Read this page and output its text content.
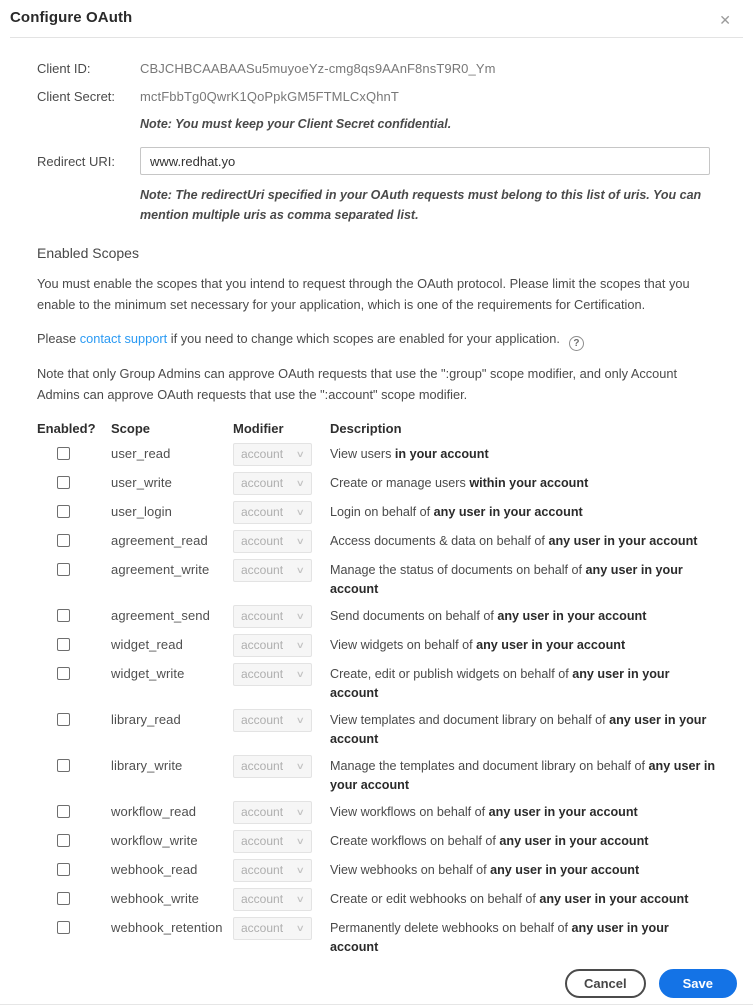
Configure OAuth	✕
Client ID:	CBJCHBCAABAASu5muyoeYz-cmg8qs9AAnF8nsT9R0_Ym
Client Secret:	mctFbbTg0QwrK1QoPpkGM5FTMLCxQhnT
Note: You must keep your Client Secret confidential.
Redirect URI:
www.redhat.yo
Note: The redirectUri specified in your OAuth requests must belong to this list of uris. You can mention multiple uris as comma separated list.
Enabled Scopes

You must enable the scopes that you intend to request through the OAuth protocol. Please limit the scopes that you enable to the minimum set necessary for your application, which is one of the requirements for Certification.

Please contact support if you need to change which scopes are enabled for your application. ?

Note that only Group Admins can approve OAuth requests that use the ":group" scope modifier, and only Account Admins can approve OAuth requests that use the ":account" scope modifier.

Enabled?	Scope	Modifier	Description
user_read	account ∨ View users in your account
user_write	account ∨ Create or manage users within your account
user_login	account ∨ Login on behalf of any user in your account
agreement_read	account ∨ Access documents & data on behalf of any user in your account
agreement_write	account ∨ Manage the status of documents on behalf of any user in your account
agreement_send	account ∨ Send documents on behalf of any user in your account
widget_read	account ∨ View widgets on behalf of any user in your account
widget_write	account ∨ Create, edit or publish widgets on behalf of any user in your account
library_read	account ∨ View templates and document library on behalf of any user in your account
library_write	account ∨ Manage the templates and document library on behalf of any user in your account
workflow_read	account ∨ View workflows on behalf of any user in your account
workflow_write	account ∨ Create workflows on behalf of any user in your account
webhook_read	account ∨ View webhooks on behalf of any user in your account
webhook_write	account ∨ Create or edit webhooks on behalf of any user in your account
webhook_retention	account ∨ Permanently delete webhooks on behalf of any user in your account
Cancel	Save
